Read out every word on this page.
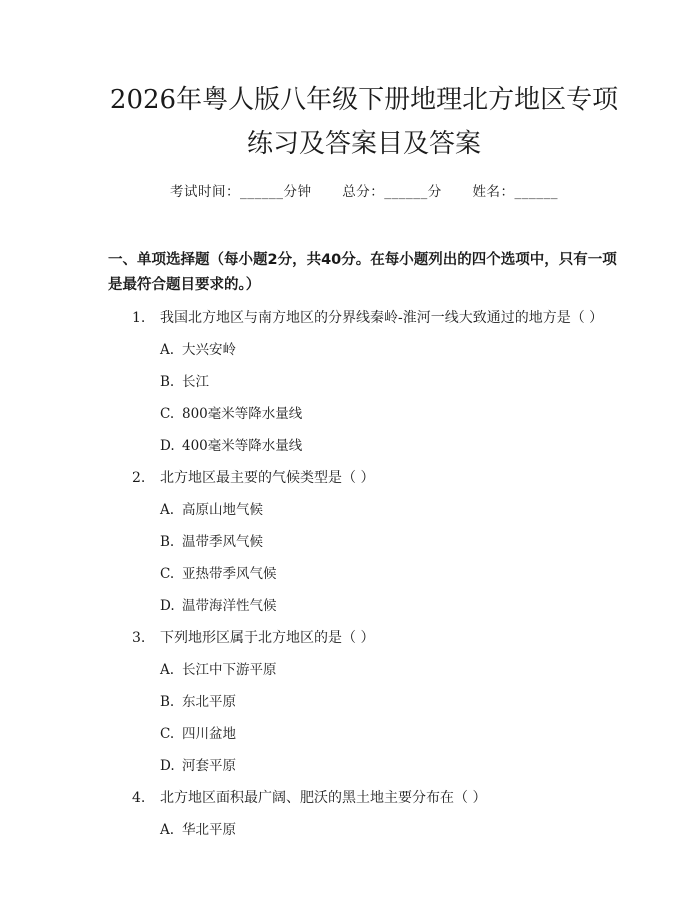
2026年粤人版八年级下册地理北方地区专项练习及答案目及答案
考试时间：______分钟 总分：______分 姓名：______
一、单项选择题（每小题2分，共40分。在每小题列出的四个选项中，只有一项是最符合题目要求的。）
1.	我国北方地区与南方地区的分界线秦岭-淮河一线大致通过的地方是（ ）
A. 大兴安岭
B. 长江
C. 800毫米等降水量线
D. 400毫米等降水量线
2.	北方地区最主要的气候类型是（ ）
A. 高原山地气候
B. 温带季风气候
C. 亚热带季风气候
D. 温带海洋性气候
3.	下列地形区属于北方地区的是（ ）
A. 长江中下游平原
B. 东北平原
C. 四川盆地
D. 河套平原
4.	北方地区面积最广阔、肥沃的黑土地主要分布在（ ）
A. 华北平原
